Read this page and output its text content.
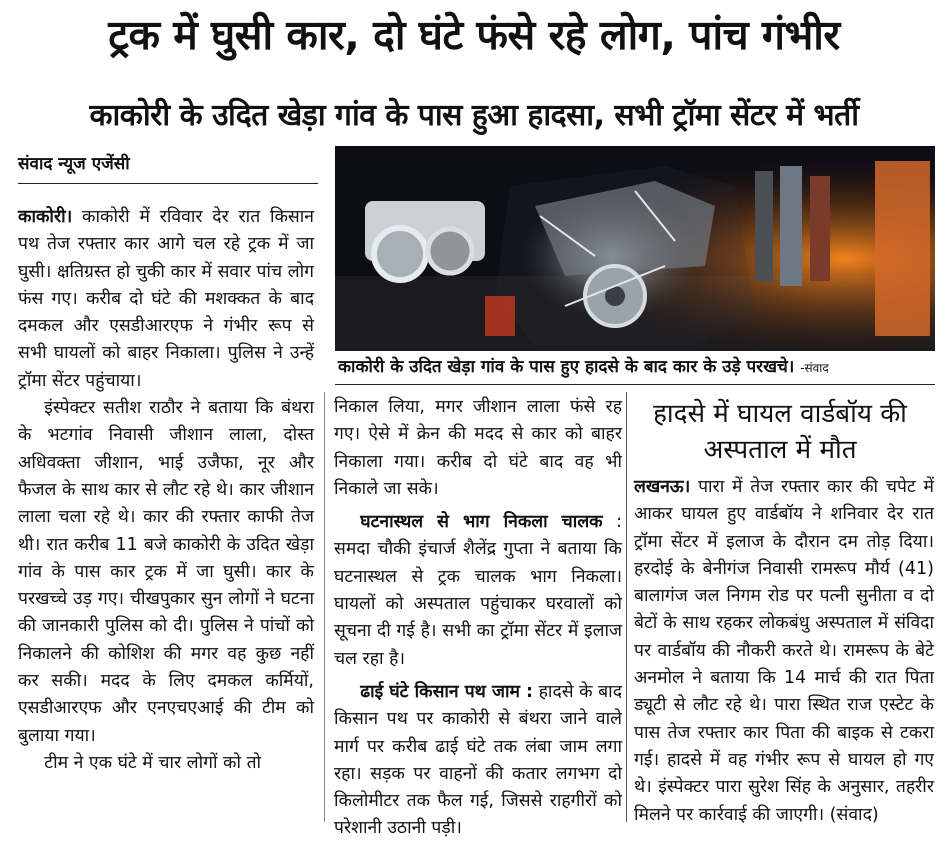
ट्रक में घुसी कार, दो घंटे फंसे रहे लोग, पांच गंभीर
काकोरी के उदित खेड़ा गांव के पास हुआ हादसा, सभी ट्रॉमा सेंटर में भर्ती
संवाद न्यूज एजेंसी
काकोरी के उदित खेड़ा गांव के पास हुए हादसे के बाद कार के उड़े परखचे। -संवाद

काकोरी। काकोरी में रविवार देर रात किसान पथ तेज रफ्तार कार आगे चल रहे ट्रक में जा घुसी। क्षतिग्रस्त हो चुकी कार में सवार पांच लोग फंस गए। करीब दो घंटे की मशक्कत के बाद दमकल और एसडीआरएफ ने गंभीर रूप से सभी घायलों को बाहर निकाला। पुलिस ने उन्हें ट्रॉमा सेंटर पहुंचाया।

इंस्पेक्टर सतीश राठौर ने बताया कि बंथरा के भटगांव निवासी जीशान लाला, दोस्त अधिवक्ता जीशान, भाई उजैफा, नूर और फैजल के साथ कार से लौट रहे थे। कार जीशान लाला चला रहे थे। कार की रफ्तार काफी तेज थी। रात करीब 11 बजे काकोरी के उदित खेड़ा गांव के पास कार ट्रक में जा घुसी। कार के परखच्चे उड़ गए। चीखपुकार सुन लोगों ने घटना की जानकारी पुलिस को दी। पुलिस ने पांचों को निकालने की कोशिश की मगर वह कुछ नहीं कर सकी। मदद के लिए दमकल कर्मियों, एसडीआरएफ और एनएचएआई की टीम को बुलाया गया।

टीम ने एक घंटे में चार लोगों को तो

निकाल लिया, मगर जीशान लाला फंसे रह गए। ऐसे में क्रेन की मदद से कार को बाहर निकाला गया। करीब दो घंटे बाद वह भी निकाले जा सके।

घटनास्थल से भाग निकला चालक : समदा चौकी इंचार्ज शैलेंद्र गुप्ता ने बताया कि घटनास्थल से ट्रक चालक भाग निकला। घायलों को अस्पताल पहुंचाकर घरवालों को सूचना दी गई है। सभी का ट्रॉमा सेंटर में इलाज चल रहा है।

ढाई घंटे किसान पथ जाम : हादसे के बाद किसान पथ पर काकोरी से बंथरा जाने वाले मार्ग पर करीब ढाई घंटे तक लंबा जाम लगा रहा। सड़क पर वाहनों की कतार लगभग दो किलोमीटर तक फैल गई, जिससे राहगीरों को परेशानी उठानी पड़ी।

हादसे में घायल वार्डबॉय की अस्पताल में मौत

लखनऊ। पारा में तेज रफ्तार कार की चपेट में आकर घायल हुए वार्डबॉय ने शनिवार देर रात ट्रॉमा सेंटर में इलाज के दौरान दम तोड़ दिया। हरदोई के बेनीगंज निवासी रामरूप मौर्य (41) बालागंज जल निगम रोड पर पत्नी सुनीता व दो बेटों के साथ रहकर लोकबंधु अस्पताल में संविदा पर वार्डबॉय की नौकरी करते थे। रामरूप के बेटे अनमोल ने बताया कि 14 मार्च की रात पिता ड्यूटी से लौट रहे थे। पारा स्थित राज एस्टेट के पास तेज रफ्तार कार पिता की बाइक से टकरा गई। हादसे में वह गंभीर रूप से घायल हो गए थे। इंस्पेक्टर पारा सुरेश सिंह के अनुसार, तहरीर मिलने पर कार्रवाई की जाएगी। (संवाद)
